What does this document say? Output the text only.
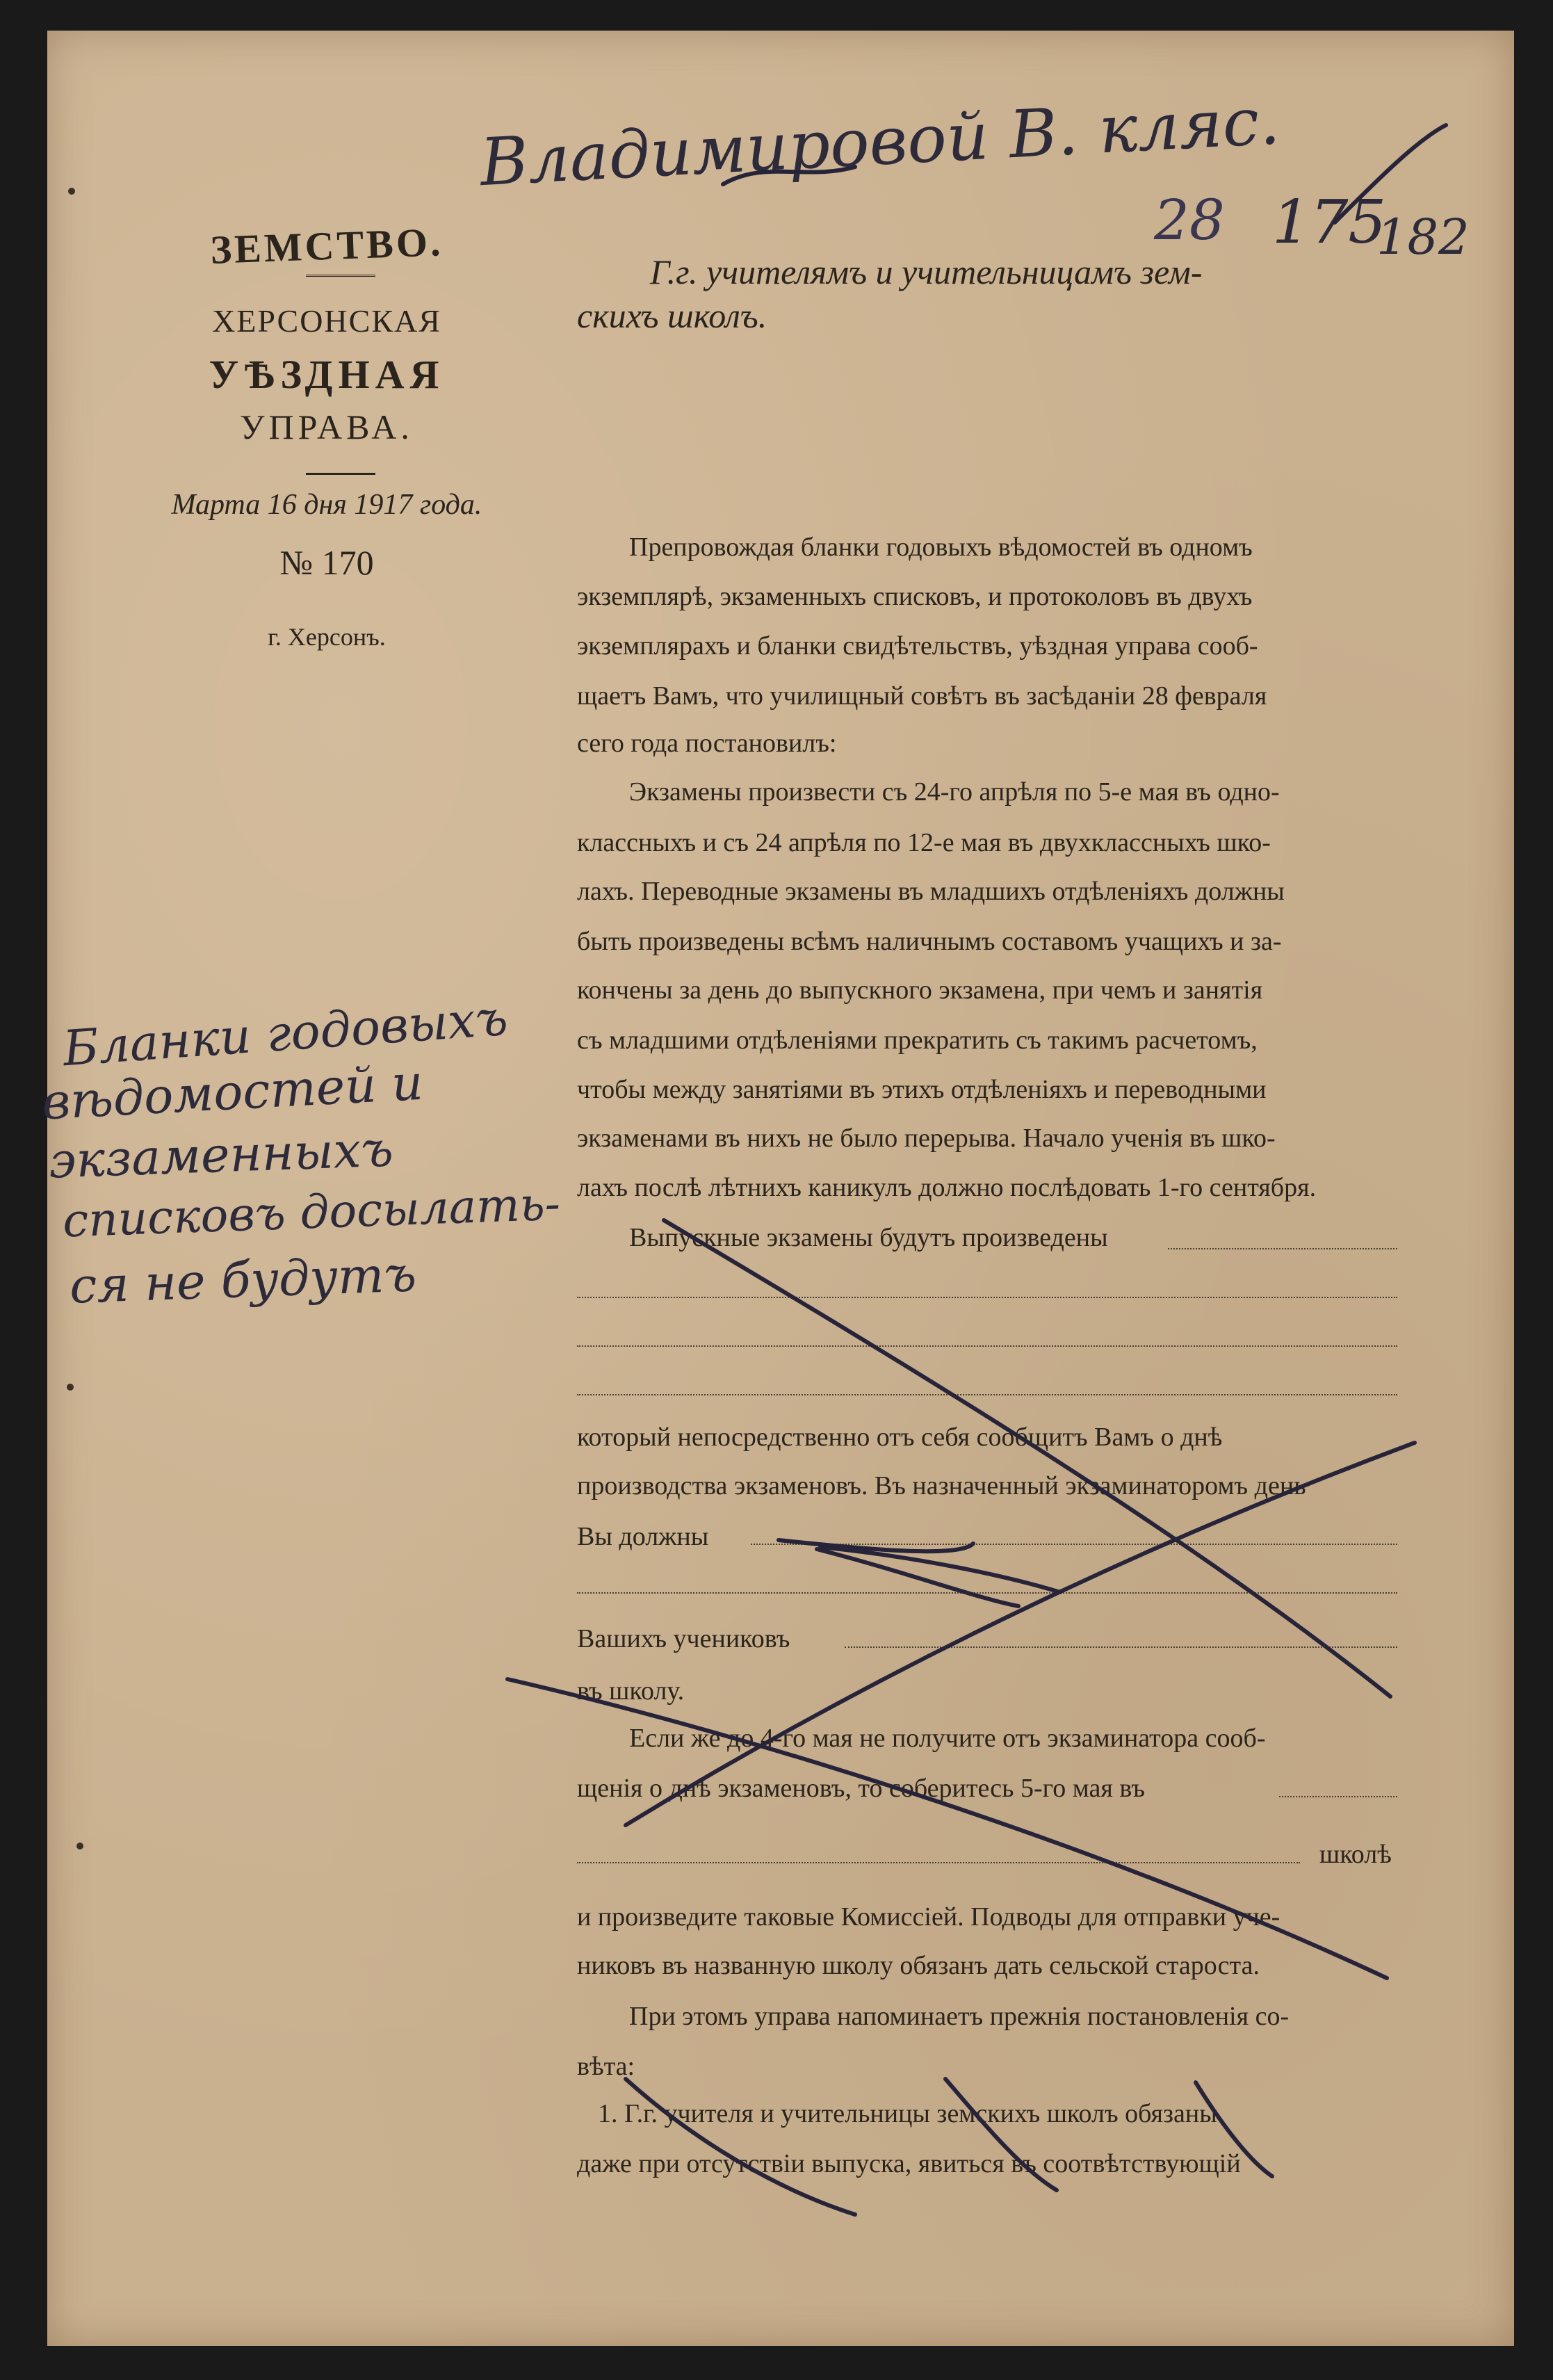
ЗЕМСТВО.
ХЕРСОНСКАЯ
УѢЗДНАЯ
УПРАВА.
Марта 16 дня 1917 года.
№ 170
г. Херсонъ.
Владимировой В. кляс.
28 175
182
Г.г. учителямъ и учительницамъ зем-
скихъ школъ.
Бланки годовыхъ
вѣдомостей и
экзаменныхъ
списковъ досылать-
ся не будутъ
Препровождая бланки годовыхъ вѣдомостей въ одномъ
экземплярѣ, экзаменныхъ списковъ, и протоколовъ въ двухъ
экземплярахъ и бланки свидѣтельствъ, уѣздная управа сооб-
щаетъ Вамъ, что училищный совѣтъ въ засѣданіи 28 февраля
сего года постановилъ:
Экзамены произвести съ 24-го апрѣля по 5-е мая въ одно-
классныхъ и съ 24 апрѣля по 12-е мая въ двухклассныхъ шко-
лахъ. Переводные экзамены въ младшихъ отдѣленіяхъ должны
быть произведены всѣмъ наличнымъ составомъ учащихъ и за-
кончены за день до выпускного экзамена, при чемъ и занятія
съ младшими отдѣленіями прекратить съ такимъ расчетомъ,
чтобы между занятіями въ этихъ отдѣленіяхъ и переводными
экзаменами въ нихъ не было перерыва. Начало ученія въ шко-
лахъ послѣ лѣтнихъ каникулъ должно послѣдовать 1-го сентября.
Выпускные экзамены будутъ произведены
который непосредственно отъ себя сообщитъ Вамъ о днѣ
производства экзаменовъ. Въ назначенный экзаминаторомъ день
Вы должны
Вашихъ учениковъ
въ школу.
Если же до 4-го мая не получите отъ экзаминатора сооб-
щенія о днѣ экзаменовъ, то соберитесь 5-го мая въ
школѣ
и произведите таковые Комиссіей. Подводы для отправки уче-
никовъ въ названную школу обязанъ дать сельской староста.
При этомъ управа напоминаетъ прежнія постановленія со-
вѣта:
1. Г.г. учителя и учительницы земскихъ школъ обязаны
даже при отсутствіи выпуска, явиться въ соотвѣтствующій
